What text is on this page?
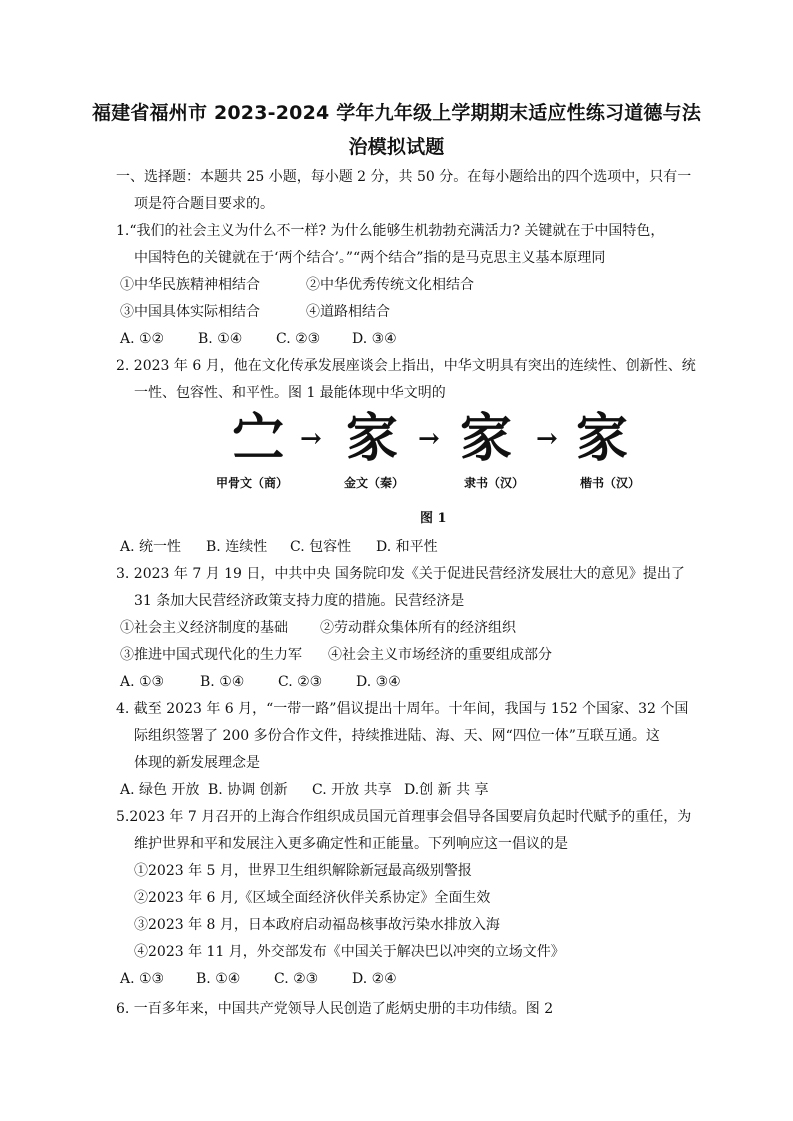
福建省福州市 2023-2024 学年九年级上学期期末适应性练习道德与法
治模拟试题
一、选择题：本题共 25 小题，每小题 2 分，共 50 分。在每小题给出的四个选项中，只有一
项是符合题目要求的。
1.“我们的社会主义为什么不一样? 为什么能够生机勃勃充满活力? 关键就在于中国特色，
中国特色的关键就在于‘两个结合’。”“两个结合”指的是马克思主义基本原理同
①中华民族精神相结合	②中华优秀传统文化相结合
③中国具体实际相结合	④道路相结合
A. ①② B. ①④ C. ②③ D. ③④
2. 2023 年 6 月，他在文化传承发展座谈会上指出，中华文明具有突出的连续性、创新性、统
一性、包容性、和平性。图 1 最能体现中华文明的
㝉 → 家 → 家 → 家
甲骨文（商）	金文（秦）	隶书（汉）	楷书（汉）
图 1
A. 统一性 B. 连续性 C. 包容性 D. 和平性
3. 2023 年 7 月 19 日，中共中央 国务院印发《关于促进民营经济发展壮大的意见》提出了
31 条加大民营经济政策支持力度的措施。民营经济是
①社会主义经济制度的基础 ②劳动群众集体所有的经济组织
③推进中国式现代化的生力军 ④社会主义市场经济的重要组成部分
A. ①③	B. ①④ C. ②③ D. ③④
4. 截至 2023 年 6 月，“一带一路”倡议提出十周年。十年间，我国与 152 个国家、32 个国
际组织签署了 200 多份合作文件，持续推进陆、海、天、网“四位一体”互联互通。这
体现的新发展理念是
A. 绿色 开放 B. 协调 创新 C. 开放 共享 D.创 新 共 享
5.2023 年 7 月召开的上海合作组织成员国元首理事会倡导各国要肩负起时代赋予的重任，为
维护世界和平和发展注入更多确定性和正能量。下列响应这一倡议的是
①2023 年 5 月，世界卫生组织解除新冠最高级别警报
②2023 年 6 月,《区域全面经济伙伴关系协定》全面生效
③2023 年 8 月，日本政府启动福岛核事故污染水排放入海
④2023 年 11 月，外交部发布《中国关于解决巴以冲突的立场文件》
A. ①③ B. ①④ C. ②③ D. ②④
6. 一百多年来，中国共产党领导人民创造了彪炳史册的丰功伟绩。图 2
